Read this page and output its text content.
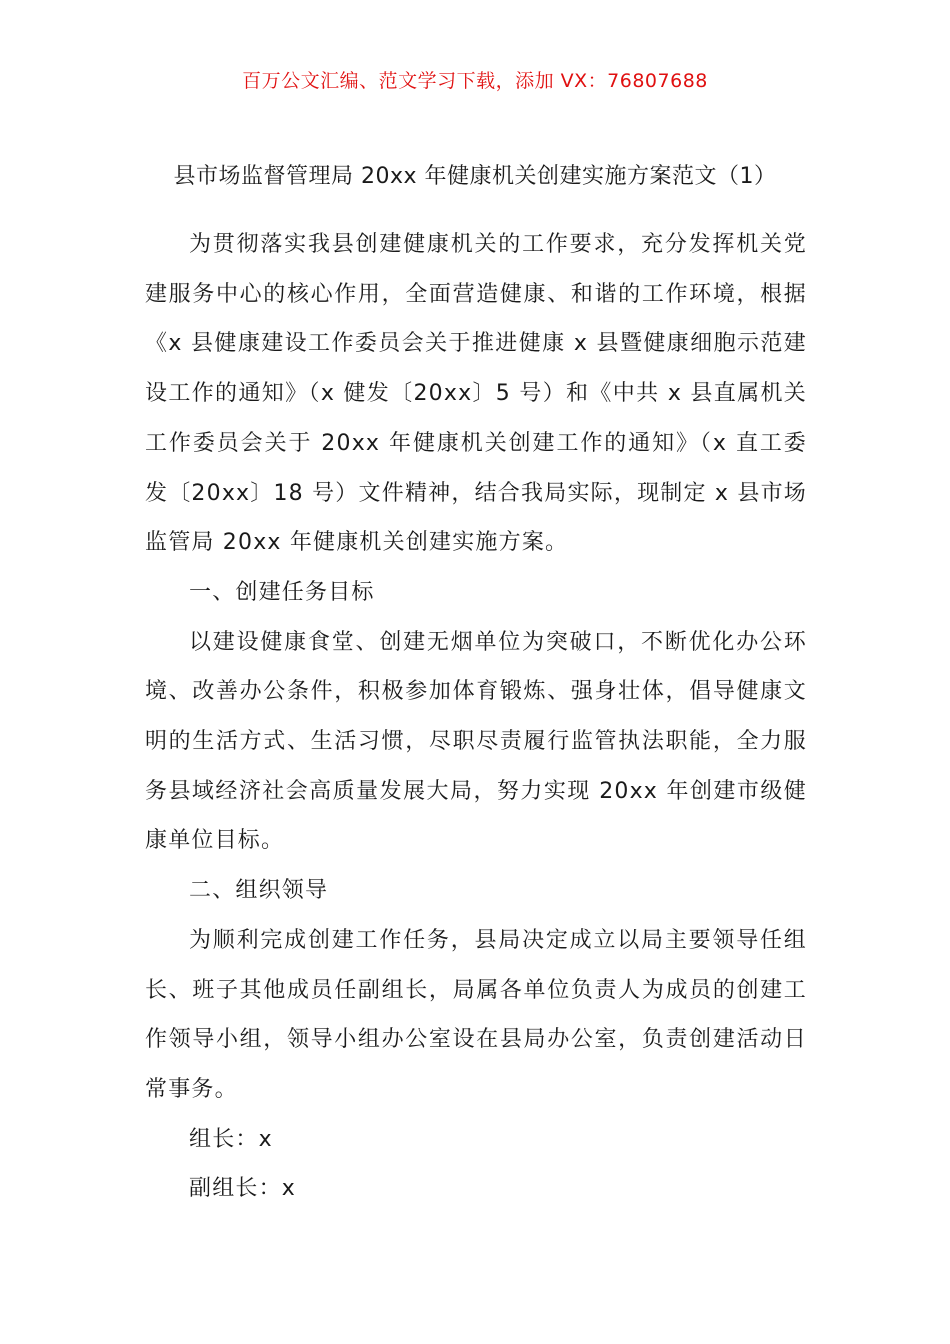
百万公文汇编、范文学习下载，添加 VX：76807688
县市场监督管理局 20xx 年健康机关创建实施方案范文（1）

为贯彻落实我县创建健康机关的工作要求，充分发挥机关党建服务中心的核心作用，全面营造健康、和谐的工作环境，根据《x 县健康建设工作委员会关于推进健康 x 县暨健康细胞示范建设工作的通知》（x 健发〔20xx〕5 号）和《中共 x 县直属机关工作委员会关于 20xx 年健康机关创建工作的通知》（x 直工委发〔20xx〕18 号）文件精神，结合我局实际，现制定 x 县市场监管局 20xx 年健康机关创建实施方案。

一、创建任务目标

以建设健康食堂、创建无烟单位为突破口，不断优化办公环境、改善办公条件，积极参加体育锻炼、强身壮体，倡导健康文明的生活方式、生活习惯，尽职尽责履行监管执法职能，全力服务县域经济社会高质量发展大局，努力实现 20xx 年创建市级健康单位目标。

二、组织领导

为顺利完成创建工作任务，县局决定成立以局主要领导任组长、班子其他成员任副组长，局属各单位负责人为成员的创建工作领导小组，领导小组办公室设在县局办公室，负责创建活动日常事务。

组长：x

副组长：x
